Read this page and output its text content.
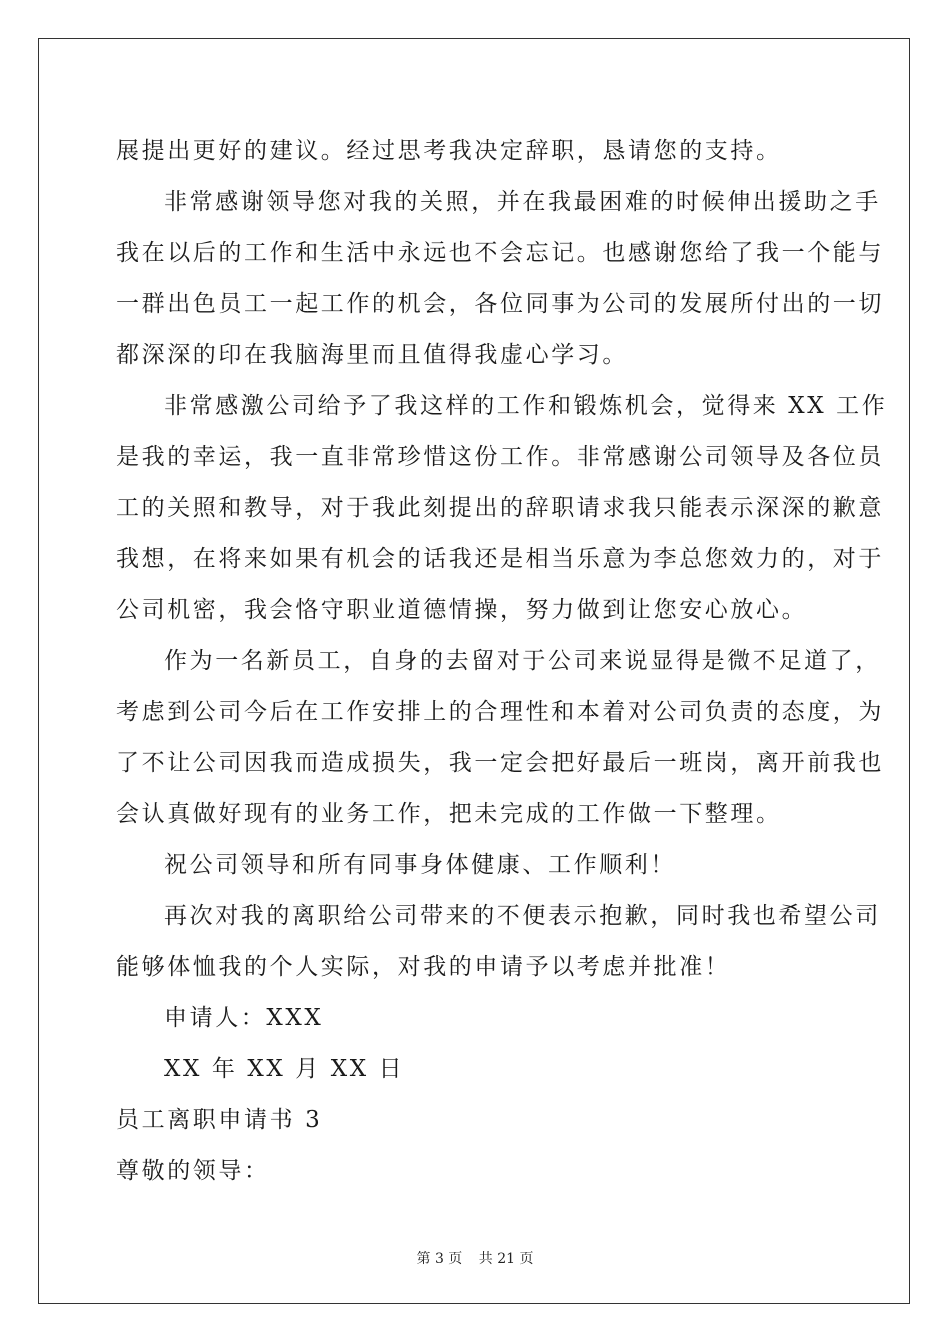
展提出更好的建议。经过思考我决定辞职，恳请您的支持。
非常感谢领导您对我的关照，并在我最困难的时候伸出援助之手
我在以后的工作和生活中永远也不会忘记。也感谢您给了我一个能与
一群出色员工一起工作的机会，各位同事为公司的发展所付出的一切
都深深的印在我脑海里而且值得我虚心学习。
非常感激公司给予了我这样的工作和锻炼机会，觉得来 XX 工作
是我的幸运，我一直非常珍惜这份工作。非常感谢公司领导及各位员
工的关照和教导，对于我此刻提出的辞职请求我只能表示深深的歉意
我想，在将来如果有机会的话我还是相当乐意为李总您效力的，对于
公司机密，我会恪守职业道德情操，努力做到让您安心放心。
作为一名新员工，自身的去留对于公司来说显得是微不足道了，
考虑到公司今后在工作安排上的合理性和本着对公司负责的态度，为
了不让公司因我而造成损失，我一定会把好最后一班岗，离开前我也
会认真做好现有的业务工作，把未完成的工作做一下整理。
祝公司领导和所有同事身体健康、工作顺利！
再次对我的离职给公司带来的不便表示抱歉，同时我也希望公司
能够体恤我的个人实际，对我的申请予以考虑并批准！
申请人：XXX
XX 年 XX 月 XX 日
员工离职申请书 3
尊敬的领导：
第 3 页 共 21 页
